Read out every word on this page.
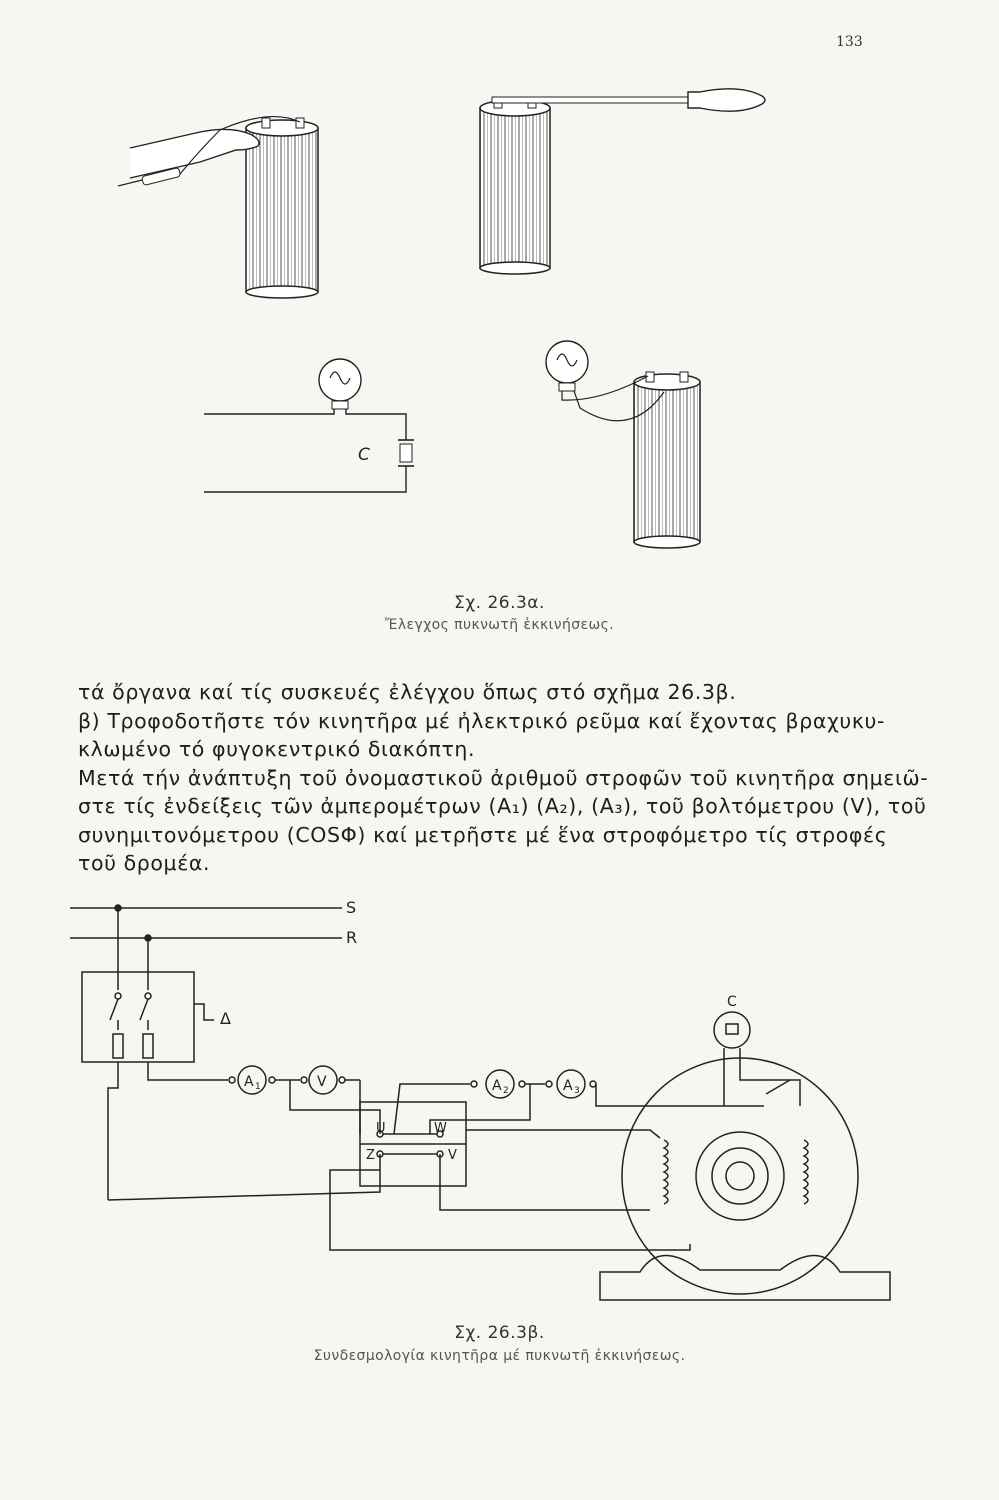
133
C
Σχ. 26.3α.
Ἔλεγχος πυκνωτῆ ἐκκινήσεως.

τά ὄργανα καί τίς συσκευές ἐλέγχου ὅπως στό σχῆμα 26.3β.

β) Τροφοδοτῆστε τόν κινητῆρα μέ ἠλεκτρικό ρεῦμα καί ἔχοντας βραχυκυ-

κλωμένο τό φυγοκεντρικό διακόπτη.

Μετά τήν ἀνάπτυξη τοῦ ὀνομαστικοῦ ἀριθμοῦ στροφῶν τοῦ κινητῆρα σημειῶ-

στε τίς ἐνδείξεις τῶν ἀμπερομέτρων (A₁) (A₂), (A₃), τοῦ βολτόμετρου (V), τοῦ

συνημιτονόμετρου (COSΦ) καί μετρῆστε μέ ἕνα στροφόμετρο τίς στροφές

τοῦ δρομέα.

S
R
Δ
A 1	V	A 2	A 3
U	W
Z	V
C
Σχ. 26.3β.
Συνδεσμολογία κινητῆρα μέ πυκνωτῆ ἐκκινήσεως.
